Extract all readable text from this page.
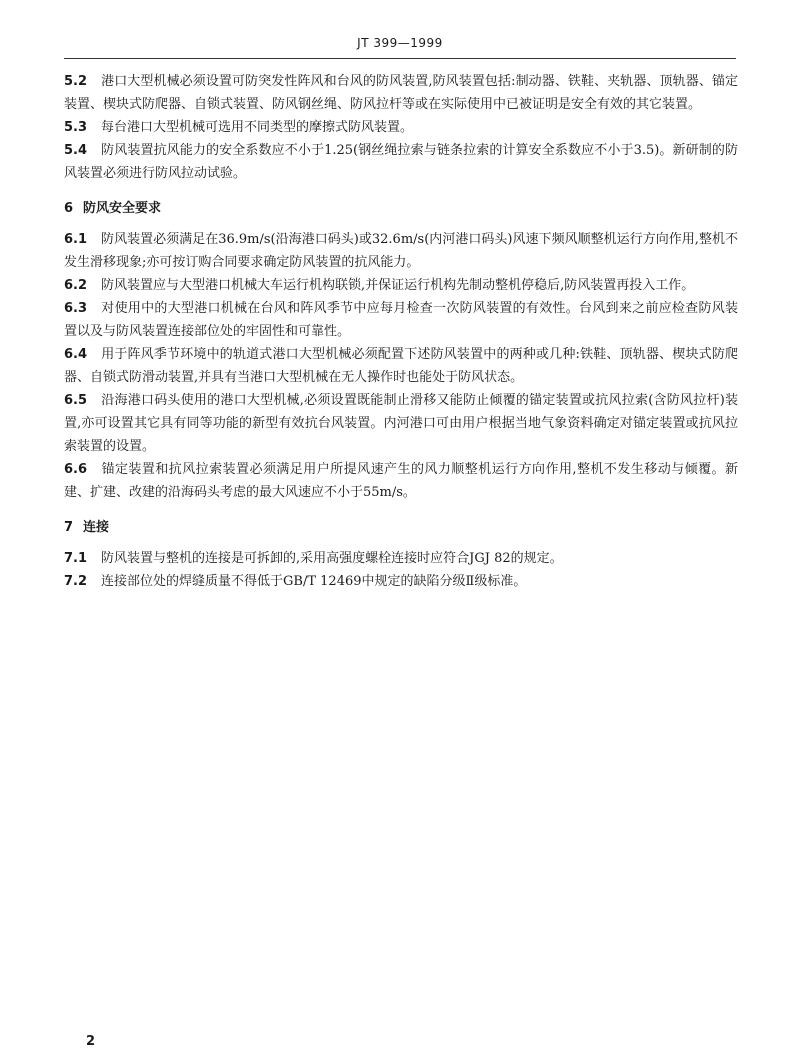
JT 399—1999

5.2 港口大型机械必须设置可防突发性阵风和台风的防风装置,防风装置包括:制动器、铁鞋、夹轨器、顶轨器、锚定装置、楔块式防爬器、自锁式装置、防风钢丝绳、防风拉杆等或在实际使用中已被证明是安全有效的其它装置。

5.3 每台港口大型机械可选用不同类型的摩擦式防风装置。

5.4 防风装置抗风能力的安全系数应不小于1.25(钢丝绳拉索与链条拉索的计算安全系数应不小于3.5)。新研制的防风装置必须进行防风拉动试验。

6 防风安全要求

6.1 防风装置必须满足在36.9m/s(沿海港口码头)或32.6m/s(内河港口码头)风速下频风顺整机运行方向作用,整机不发生滑移现象;亦可按订购合同要求确定防风装置的抗风能力。

6.2 防风装置应与大型港口机械大车运行机构联锁,并保证运行机构先制动整机停稳后,防风装置再投入工作。

6.3 对使用中的大型港口机械在台风和阵风季节中应每月检查一次防风装置的有效性。台风到来之前应检查防风装置以及与防风装置连接部位处的牢固性和可靠性。

6.4 用于阵风季节环境中的轨道式港口大型机械必须配置下述防风装置中的两种或几种:铁鞋、顶轨器、楔块式防爬器、自锁式防滑动装置,并具有当港口大型机械在无人操作时也能处于防风状态。

6.5 沿海港口码头使用的港口大型机械,必须设置既能制止滑移又能防止倾覆的锚定装置或抗风拉索(含防风拉杆)装置,亦可设置其它具有同等功能的新型有效抗台风装置。内河港口可由用户根据当地气象资料确定对锚定装置或抗风拉索装置的设置。

6.6 锚定装置和抗风拉索装置必须满足用户所提风速产生的风力顺整机运行方向作用,整机不发生移动与倾覆。新建、扩建、改建的沿海码头考虑的最大风速应不小于55m/s。

7 连接

7.1 防风装置与整机的连接是可拆卸的,采用高强度螺栓连接时应符合JGJ 82的规定。

7.2 连接部位处的焊缝质量不得低于GB/T 12469中规定的缺陷分级Ⅱ级标准。

2
